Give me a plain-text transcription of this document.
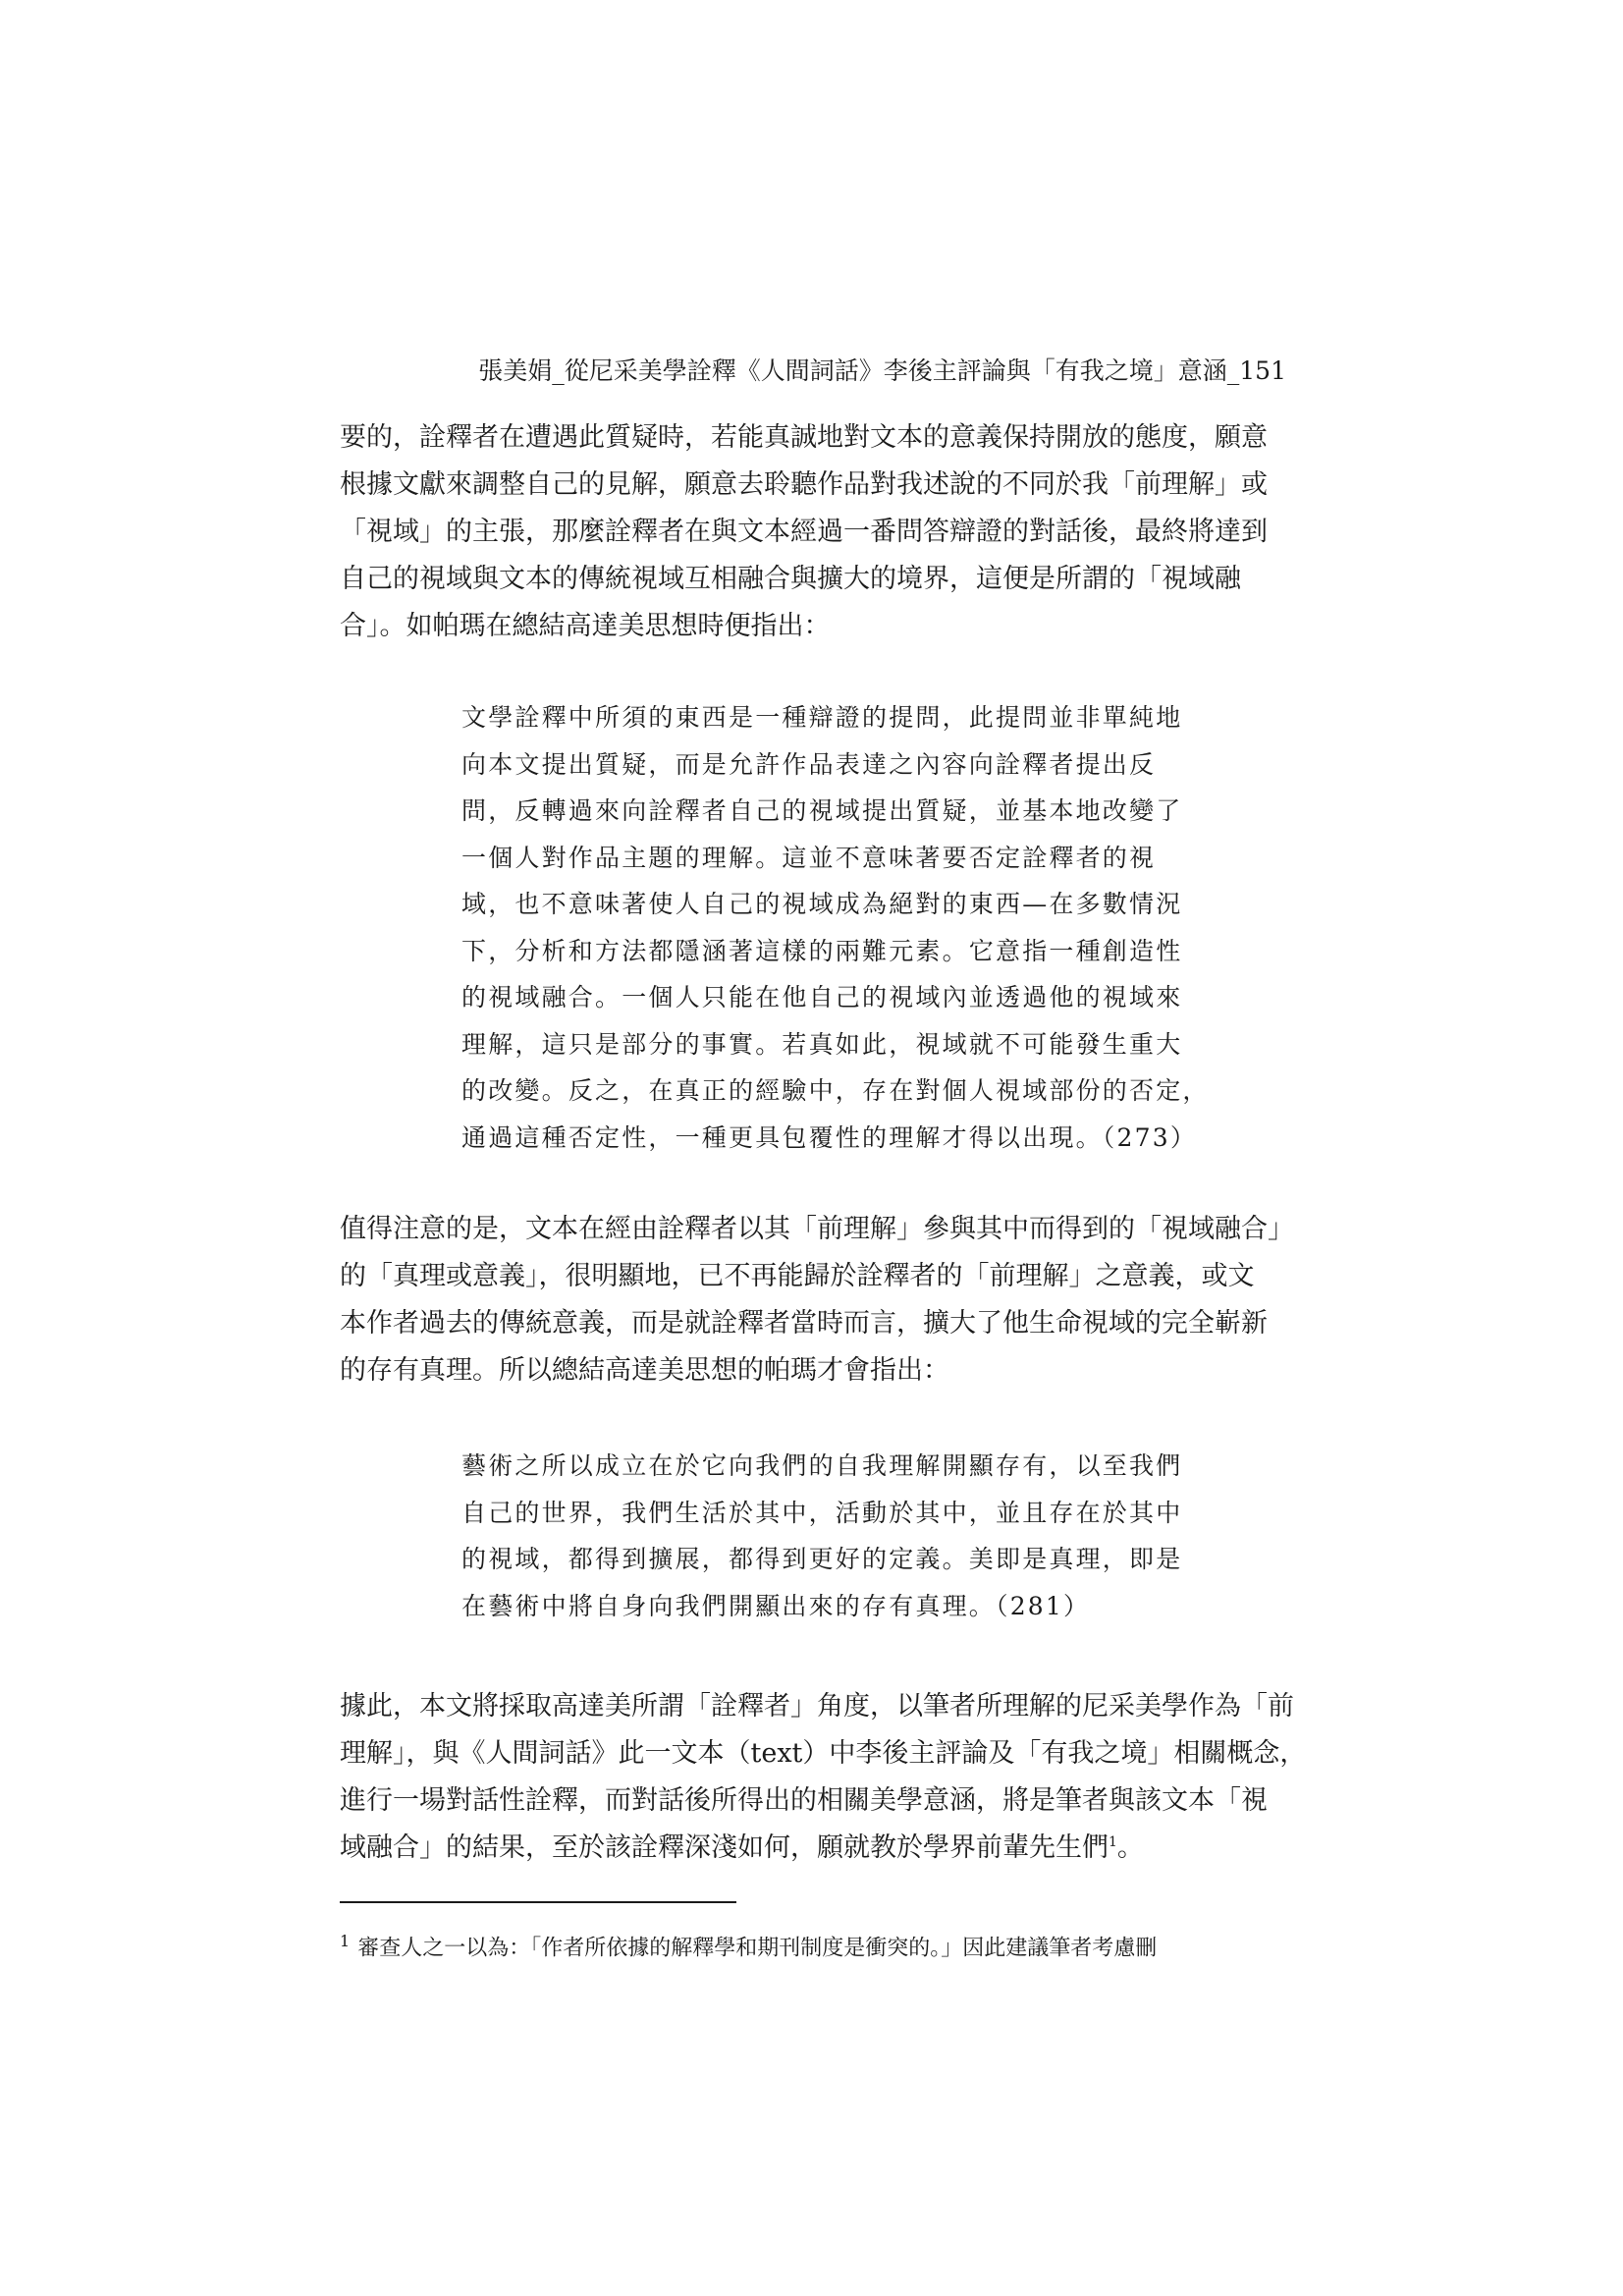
張美娟_從尼采美學詮釋《人間詞話》李後主評論與「有我之境」意涵_151
要的，詮釋者在遭遇此質疑時，若能真誠地對文本的意義保持開放的態度，願意
根據文獻來調整自己的見解，願意去聆聽作品對我述說的不同於我「前理解」或
「視域」的主張，那麼詮釋者在與文本經過一番問答辯證的對話後，最終將達到
自己的視域與文本的傳統視域互相融合與擴大的境界，這便是所謂的「視域融
合」。如帕瑪在總結高達美思想時便指出：
文學詮釋中所須的東西是一種辯證的提問，此提問並非單純地
向本文提出質疑，而是允許作品表達之內容向詮釋者提出反
問，反轉過來向詮釋者自己的視域提出質疑，並基本地改變了
一個人對作品主題的理解。這並不意味著要否定詮釋者的視
域，也不意味著使人自己的視域成為絕對的東西—在多數情況
下，分析和方法都隱涵著這樣的兩難元素。它意指一種創造性
的視域融合。一個人只能在他自己的視域內並透過他的視域來
理解，這只是部分的事實。若真如此，視域就不可能發生重大
的改變。反之，在真正的經驗中，存在對個人視域部份的否定，
通過這種否定性，一種更具包覆性的理解才得以出現。（273）
值得注意的是，文本在經由詮釋者以其「前理解」參與其中而得到的「視域融合」
的「真理或意義」，很明顯地，已不再能歸於詮釋者的「前理解」之意義，或文
本作者過去的傳統意義，而是就詮釋者當時而言，擴大了他生命視域的完全嶄新
的存有真理。所以總結高達美思想的帕瑪才會指出：
藝術之所以成立在於它向我們的自我理解開顯存有，以至我們
自己的世界，我們生活於其中，活動於其中，並且存在於其中
的視域，都得到擴展，都得到更好的定義。美即是真理，即是
在藝術中將自身向我們開顯出來的存有真理。（281）
據此，本文將採取高達美所謂「詮釋者」角度，以筆者所理解的尼采美學作為「前
理解」，與《人間詞話》此一文本（text）中李後主評論及「有我之境」相關概念，
進行一場對話性詮釋，而對話後所得出的相關美學意涵，將是筆者與該文本「視
域融合」的結果，至於該詮釋深淺如何，願就教於學界前輩先生們$^1$。
$^1$ 審查人之一以為：「作者所依據的解釋學和期刊制度是衝突的。」因此建議筆者考慮刪
